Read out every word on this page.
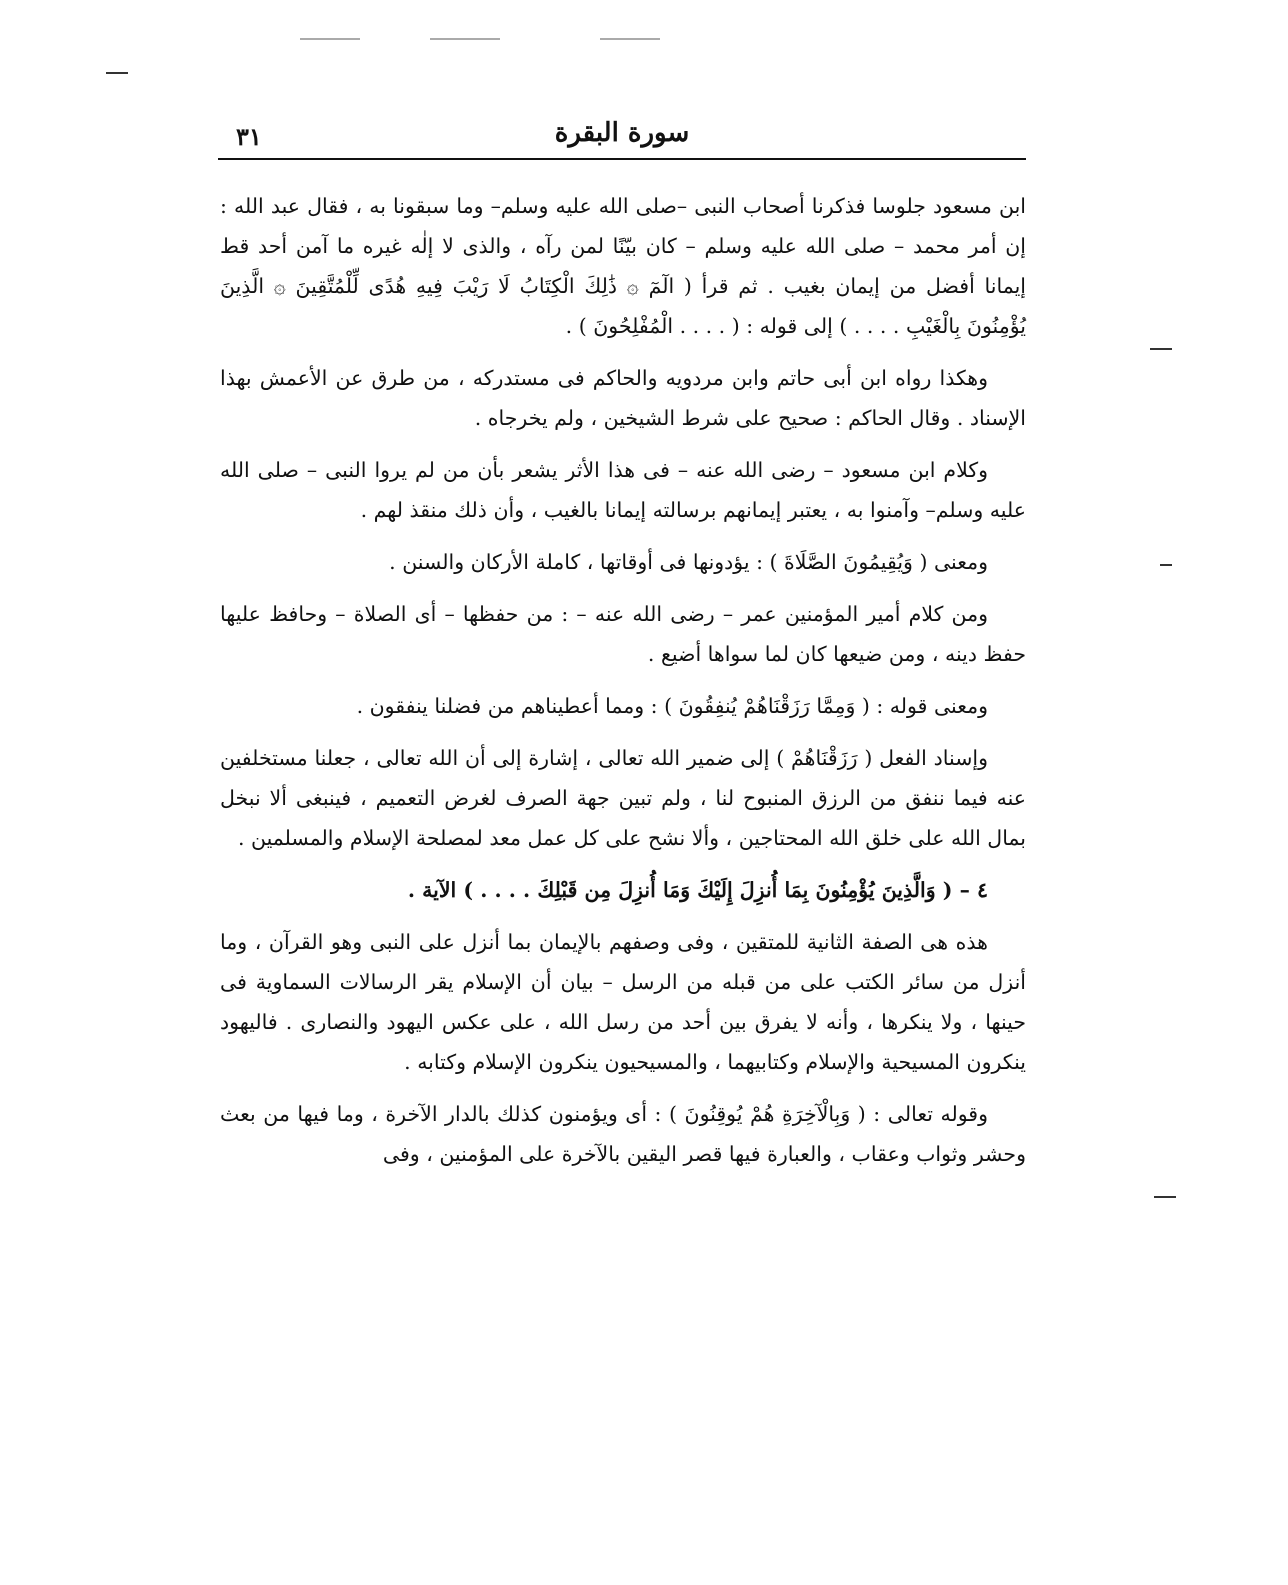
٣١	سورة البقرة

ابن مسعود جلوسا فذكرنا أصحاب النبى –صلى الله عليه وسلم– وما سبقونا به ، فقال عبد الله : إن أمر محمد – صلى الله عليه وسلم – كان بيّنًا لمن رآه ، والذى لا إلٰه غيره ما آمن أحد قط إيمانا أفضل من إيمان بغيب . ثم قرأ ( الٓمٓ ۞ ذَٰلِكَ الْكِتَابُ لَا رَيْبَ فِيهِ هُدًى لِّلْمُتَّقِينَ ۞ الَّذِينَ يُؤْمِنُونَ بِالْغَيْبِ . . . . ) إلى قوله : ( . . . . الْمُفْلِحُونَ ) .

وهكذا رواه ابن أبى حاتم وابن مردويه والحاكم فى مستدركه ، من طرق عن الأعمش بهذا الإسناد . وقال الحاكم : صحيح على شرط الشيخين ، ولم يخرجاه .

وكلام ابن مسعود – رضى الله عنه – فى هذا الأثر يشعر بأن من لم يروا النبى – صلى الله عليه وسلم– وآمنوا به ، يعتبر إيمانهم برسالته إيمانا بالغيب ، وأن ذلك منقذ لهم .

ومعنى ( وَيُقِيمُونَ الصَّلَاةَ ) : يؤدونها فى أوقاتها ، كاملة الأركان والسنن .

ومن كلام أمير المؤمنين عمر – رضى الله عنه – : من حفظها – أى الصلاة – وحافظ عليها حفظ دينه ، ومن ضيعها كان لما سواها أضيع .

ومعنى قوله : ( وَمِمَّا رَزَقْنَاهُمْ يُنفِقُونَ ) : ومما أعطيناهم من فضلنا ينفقون .

وإسناد الفعل ( رَزَقْنَاهُمْ ) إلى ضمير الله تعالى ، إشارة إلى أن الله تعالى ، جعلنا مستخلفين عنه فيما ننفق من الرزق المنبوح لنا ، ولم تبين جهة الصرف لغرض التعميم ، فينبغى ألا نبخل بمال الله على خلق الله المحتاجين ، وألا نشح على كل عمل معد لمصلحة الإسلام والمسلمين .

٤ – ( وَالَّذِينَ يُؤْمِنُونَ بِمَا أُنزِلَ إِلَيْكَ وَمَا أُنزِلَ مِن قَبْلِكَ . . . . ) الآية .

هذه هى الصفة الثانية للمتقين ، وفى وصفهم بالإيمان بما أنزل على النبى وهو القرآن ، وما أنزل من سائر الكتب على من قبله من الرسل – بيان أن الإسلام يقر الرسالات السماوية فى حينها ، ولا ينكرها ، وأنه لا يفرق بين أحد من رسل الله ، على عكس اليهود والنصارى . فاليهود ينكرون المسيحية والإسلام وكتابيهما ، والمسيحيون ينكرون الإسلام وكتابه .

وقوله تعالى : ( وَبِالْآخِرَةِ هُمْ يُوقِنُونَ ) : أى ويؤمنون كذلك بالدار الآخرة ، وما فيها من بعث وحشر وثواب وعقاب ، والعبارة فيها قصر اليقين بالآخرة على المؤمنين ، وفى
